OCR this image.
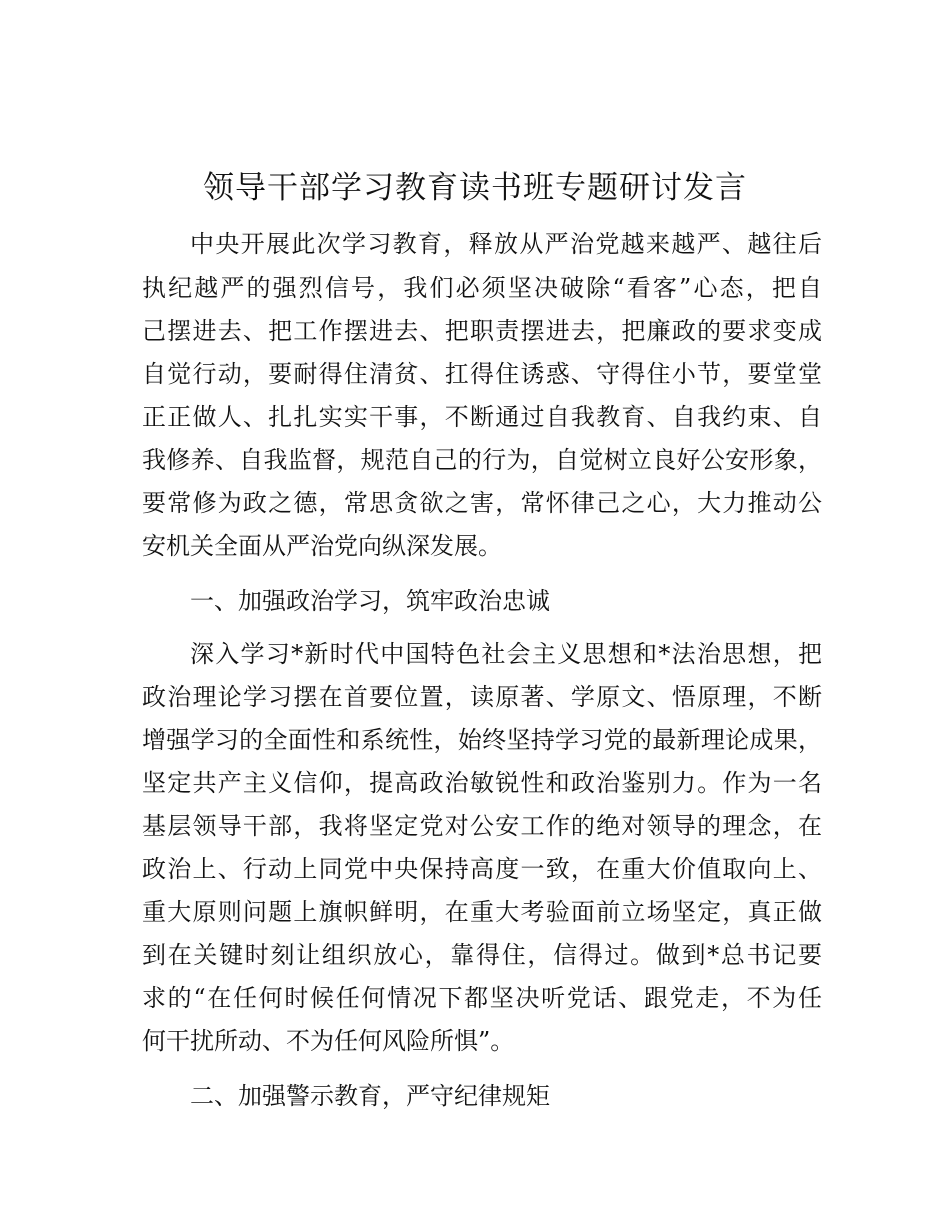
领导干部学习教育读书班专题研讨发言
中央开展此次学习教育，释放从严治党越来越严、越往后
执纪越严的强烈信号，我们必须坚决破除“看客”心态，把自
己摆进去、把工作摆进去、把职责摆进去，把廉政的要求变成
自觉行动，要耐得住清贫、扛得住诱惑、守得住小节，要堂堂
正正做人、扎扎实实干事，不断通过自我教育、自我约束、自
我修养、自我监督，规范自己的行为，自觉树立良好公安形象，
要常修为政之德，常思贪欲之害，常怀律己之心，大力推动公
安机关全面从严治党向纵深发展。
一、加强政治学习，筑牢政治忠诚
深入学习*新时代中国特色社会主义思想和*法治思想，把
政治理论学习摆在首要位置，读原著、学原文、悟原理，不断
增强学习的全面性和系统性，始终坚持学习党的最新理论成果，
坚定共产主义信仰，提高政治敏锐性和政治鉴别力。作为一名
基层领导干部，我将坚定党对公安工作的绝对领导的理念，在
政治上、行动上同党中央保持高度一致，在重大价值取向上、
重大原则问题上旗帜鲜明，在重大考验面前立场坚定，真正做
到在关键时刻让组织放心，靠得住，信得过。做到*总书记要
求的“在任何时候任何情况下都坚决听党话、跟党走，不为任
何干扰所动、不为任何风险所惧”。
二、加强警示教育，严守纪律规矩
